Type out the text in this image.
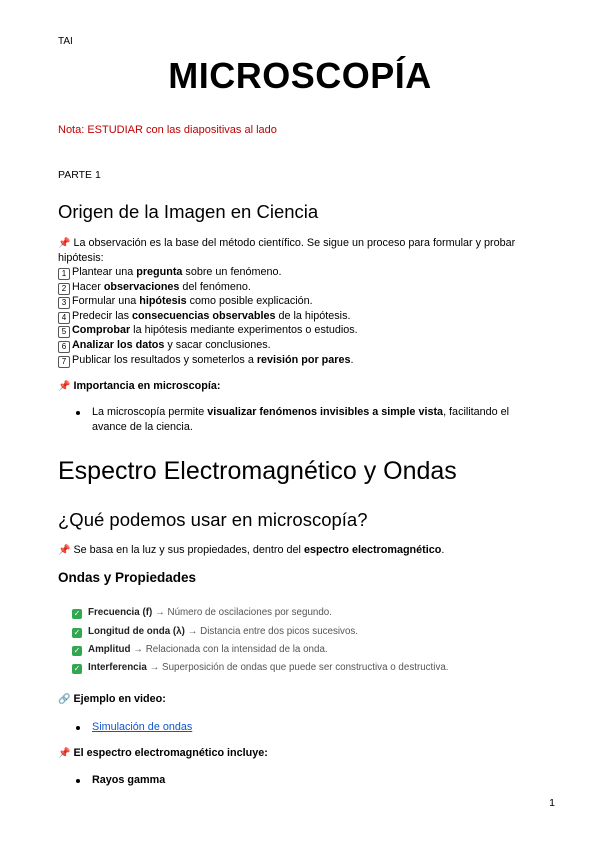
TAI
MICROSCOPÍA
Nota: ESTUDIAR con las diapositivas al lado
PARTE 1
Origen de la Imagen en Ciencia
📌 La observación es la base del método científico. Se sigue un proceso para formular y probar
hipótesis:
1 Plantear una pregunta sobre un fenómeno.
2 Hacer observaciones del fenómeno.
3 Formular una hipótesis como posible explicación.
4 Predecir las consecuencias observables de la hipótesis.
5 Comprobar la hipótesis mediante experimentos o estudios.
6 Analizar los datos y sacar conclusiones.
7 Publicar los resultados y someterlos a revisión por pares.
📌 Importancia en microscopía:
La microscopía permite visualizar fenómenos invisibles a simple vista, facilitando el
avance de la ciencia.
Espectro Electromagnético y Ondas
¿Qué podemos usar en microscopía?
📌 Se basa en la luz y sus propiedades, dentro del espectro electromagnético.
Ondas y Propiedades
✓ Frecuencia (f) → Número de oscilaciones por segundo.
✓ Longitud de onda (λ) → Distancia entre dos picos sucesivos.
✓ Amplitud → Relacionada con la intensidad de la onda.
✓ Interferencia → Superposición de ondas que puede ser constructiva o destructiva.
🔗 Ejemplo en video:
Simulación de ondas
📌 El espectro electromagnético incluye:
Rayos gamma
1
